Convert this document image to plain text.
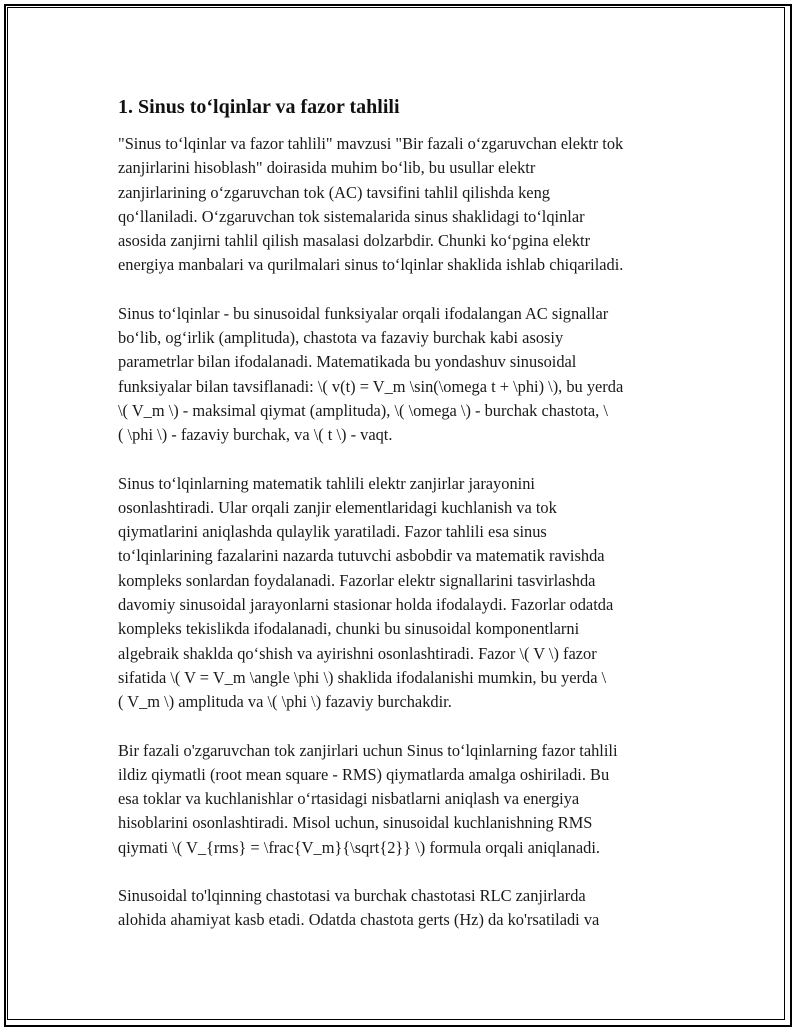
1. Sinus to‘lqinlar va fazor tahlili

"Sinus to‘lqinlar va fazor tahlili" mavzusi "Bir fazali o‘zgaruvchan elektr tok
zanjirlarini hisoblash" doirasida muhim bo‘lib, bu usullar elektr
zanjirlarining o‘zgaruvchan tok (AC) tavsifini tahlil qilishda keng
qo‘llaniladi. O‘zgaruvchan tok sistemalarida sinus shaklidagi to‘lqinlar
asosida zanjirni tahlil qilish masalasi dolzarbdir. Chunki ko‘pgina elektr
energiya manbalari va qurilmalari sinus to‘lqinlar shaklida ishlab chiqariladi.

Sinus to‘lqinlar - bu sinusoidal funksiyalar orqali ifodalangan AC signallar
bo‘lib, og‘irlik (amplituda), chastota va fazaviy burchak kabi asosiy
parametrlar bilan ifodalanadi. Matematikada bu yondashuv sinusoidal
funksiyalar bilan tavsiflanadi: \( v(t) = V_m \sin(\omega t + \phi) \), bu yerda
\( V_m \) - maksimal qiymat (amplituda), \( \omega \) - burchak chastota, \
( \phi \) - fazaviy burchak, va \( t \) - vaqt.

Sinus to‘lqinlarning matematik tahlili elektr zanjirlar jarayonini
osonlashtiradi. Ular orqali zanjir elementlaridagi kuchlanish va tok
qiymatlarini aniqlashda qulaylik yaratiladi. Fazor tahlili esa sinus
to‘lqinlarining fazalarini nazarda tutuvchi asbobdir va matematik ravishda
kompleks sonlardan foydalanadi. Fazorlar elektr signallarini tasvirlashda
davomiy sinusoidal jarayonlarni stasionar holda ifodalaydi. Fazorlar odatda
kompleks tekislikda ifodalanadi, chunki bu sinusoidal komponentlarni
algebraik shaklda qo‘shish va ayirishni osonlashtiradi. Fazor \( V \) fazor
sifatida \( V = V_m \angle \phi \) shaklida ifodalanishi mumkin, bu yerda \
( V_m \) amplituda va \( \phi \) fazaviy burchakdir.

Bir fazali o'zgaruvchan tok zanjirlari uchun Sinus to‘lqinlarning fazor tahlili
ildiz qiymatli (root mean square - RMS) qiymatlarda amalga oshiriladi. Bu
esa toklar va kuchlanishlar o‘rtasidagi nisbatlarni aniqlash va energiya
hisoblarini osonlashtiradi. Misol uchun, sinusoidal kuchlanishning RMS
qiymati \( V_{rms} = \frac{V_m}{\sqrt{2}} \) formula orqali aniqlanadi.

Sinusoidal to'lqinning chastotasi va burchak chastotasi RLC zanjirlarda
alohida ahamiyat kasb etadi. Odatda chastota gerts (Hz) da ko'rsatiladi va
